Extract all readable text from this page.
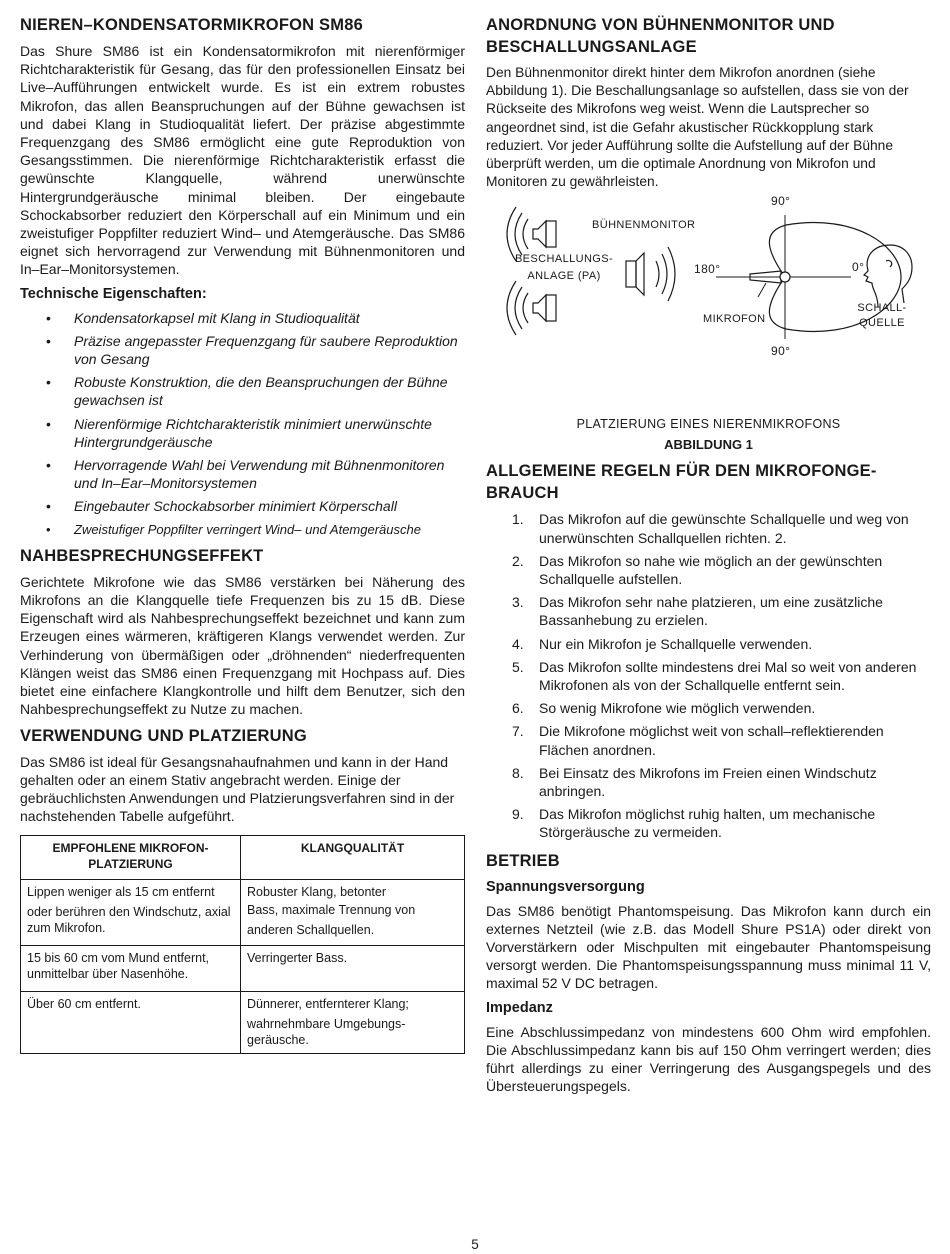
NIEREN–KONDENSATORMIKROFON SM86

Das Shure SM86 ist ein Kondensatormikrofon mit nierenförmiger Richtcharakteristik für Gesang, das für den professionellen Einsatz bei Live–Aufführungen entwickelt wurde. Es ist ein extrem robustes Mikrofon, das allen Beanspruchungen auf der Bühne gewachsen ist und dabei Klang in Studioqualität liefert. Der präzise abgestimmte Frequenzgang des SM86 ermöglicht eine gute Reproduktion von Gesangsstimmen. Die nierenförmige Richtcharakteristik erfasst die gewünschte Klangquelle, während unerwünschte Hintergrundgeräusche minimal bleiben. Der eingebaute Schockabsorber reduziert den Körperschall auf ein Minimum und ein zweistufiger Poppfilter reduziert Wind– und Atemgeräusche. Das SM86 eignet sich hervorragend zur Verwendung mit Bühnenmonitoren und In–Ear–Monitorsystemen.

Technische Eigenschaften:
• Kondensatorkapsel mit Klang in Studioqualität
• Präzise angepasster Frequenzgang für saubere Reproduktion von Gesang
• Robuste Konstruktion, die den Beanspruchungen der Bühne gewachsen ist
• Nierenförmige Richtcharakteristik minimiert unerwünschte Hintergrundgeräusche
• Hervorragende Wahl bei Verwendung mit Bühnenmonitoren und In–Ear–Monitorsystemen
• Eingebauter Schockabsorber minimiert Körperschall
• Zweistufiger Poppfilter verringert Wind– und Atemgeräusche
NAHBESPRECHUNGSEFFEKT

Gerichtete Mikrofone wie das SM86 verstärken bei Näherung des Mikrofons an die Klangquelle tiefe Frequenzen bis zu 15 dB. Diese Eigenschaft wird als Nahbesprechungseffekt bezeichnet und kann zum Erzeugen eines wärmeren, kräftigeren Klangs verwendet werden. Zur Verhinderung von übermäßigen oder „dröhnenden“ niederfrequenten Klängen weist das SM86 einen Frequenzgang mit Hochpass auf. Dies bietet eine einfachere Klangkontrolle und hilft dem Benutzer, sich den Nahbesprechungseffekt zu Nutze zu machen.

VERWENDUNG UND PLATZIERUNG

Das SM86 ist ideal für Gesangsnahaufnahmen und kann in der Hand gehalten oder an einem Stativ angebracht werden. Einige der gebräuchlichsten Anwendungen und Platzierungsverfahren sind in der nachstehenden Tabelle aufgeführt.

EMPFOHLENE MIKROFON-PLATZIERUNG	KLANGQUALITÄT

Lippen weniger als 15 cm entfernt
oder berühren den Windschutz, axial zum Mikrofon.	Robuster Klang, betonter
Bass, maximale Trennung von
anderen Schallquellen.

15 bis 60 cm vom Mund entfernt, unmittelbar über Nasenhöhe.	Verringerter Bass.

Über 60 cm entfernt.	Dünnerer, entfernterer Klang;
wahrnehmbare Umgebungs-geräusche.
ANORDNUNG VON BÜHNENMONITOR UND BESCHALLUNGSANLAGE

Den Bühnenmonitor direkt hinter dem Mikrofon anordnen (siehe Abbildung 1). Die Beschallungsanlage so aufstellen, dass sie von der Rückseite des Mikrofons weg weist. Wenn die Lautsprecher so angeordnet sind, ist die Gefahr akustischer Rückkopplung stark reduziert. Vor jeder Aufführung sollte die Aufstellung auf der Bühne überprüft werden, um die optimale Anordnung von Mikrofon und Monitoren zu gewährleisten.

90°
90°
180°	0°
BÜHNENMONITOR
BESCHALLUNGS-
ANLAGE (PA)
MIKROFON
SCHALL-
QUELLE
PLATZIERUNG EINES NIERENMIKROFONS
ABBILDUNG 1
ALLGEMEINE REGELN FÜR DEN MIKROFONGE-BRAUCH
1. Das Mikrofon auf die gewünschte Schallquelle und weg von unerwünschten Schallquellen richten. 2.
2. Das Mikrofon so nahe wie möglich an der gewünschten Schallquelle aufstellen.
3. Das Mikrofon sehr nahe platzieren, um eine zusätzliche Bassanhebung zu erzielen.
4. Nur ein Mikrofon je Schallquelle verwenden.
5. Das Mikrofon sollte mindestens drei Mal so weit von anderen Mikrofonen als von der Schallquelle entfernt sein.
6. So wenig Mikrofone wie möglich verwenden.
7. Die Mikrofone möglichst weit von schall–reflektierenden Flächen anordnen.
8. Bei Einsatz des Mikrofons im Freien einen Windschutz anbringen.
9. Das Mikrofon möglichst ruhig halten, um mechanische Störgeräusche zu vermeiden.
BETRIEB
Spannungsversorgung

Das SM86 benötigt Phantomspeisung. Das Mikrofon kann durch ein externes Netzteil (wie z.B. das Modell Shure PS1A) oder direkt von Vorverstärkern oder Mischpulten mit eingebauter Phantomspeisung versorgt werden. Die Phantomspeisungsspannung muss minimal 11 V, maximal 52 V DC betragen.

Impedanz

Eine Abschlussimpedanz von mindestens 600 Ohm wird empfohlen. Die Abschlussimpedanz kann bis auf 150 Ohm verringert werden; dies führt allerdings zu einer Verringerung des Ausgangspegels und des Übersteuerungspegels.

5
